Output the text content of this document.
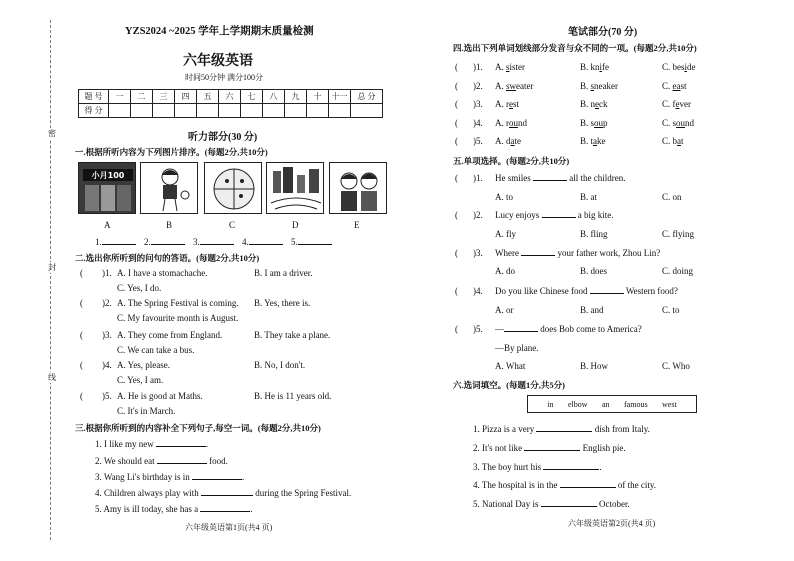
密
封
线
YZS2024 ~2025 学年上学期期末质量检测
六年级英语
时间50分钟 满分100分
题 号	一	二	三	四	五	六	七	八	九	十	十一	总 分
得 分												
听力部分(30 分)
一.根据所听内容为下列图片排序。(每题2分,共10分)
小月100
A	B	C	D	E
1.	2.	3.	4.	5.
二.选出你所听到的问句的答语。(每题2分,共10分)
( )1. A. I have a stomachache.	B. I am a driver.
C. Yes, I do.
( )2. A. The Spring Festival is coming. B. Yes, there is.
C. My favourite month is August.
( )3. A. They come from England.	B. They take a plane.
C. We can take a bus.
( )4. A. Yes, please.	B. No, I don't.
C. Yes, I am.
( )5. A. He is good at Maths.	B. He is 11 years old.
C. It's in March.
三.根据你所听到的内容补全下列句子,每空一词。(每题2分,共10分)
1. I like my new	.
2. We should eat	food.
3. Wang Li's birthday is in	.
4. Children always play with	during the Spring Festival.
5. Amy is ill today, she has a	.
六年级英语第1页(共4 页)
笔试部分(70 分)
四.选出下列单词划线部分发音与众不同的一项。(每题2分,共10分)
( )1. A. sister	B. knife	C. beside
( )2. A. sweater	B. sneaker	C. east
( )3. A. rest	B. neck	C. fever
( )4. A. round	B. soup	C. sound
( )5. A. date	B. take	C. bat
五.单项选择。(每题2分,共10分)
( )1. He smiles	all the children.
A. to	B. at	C. on
( )2. Lucy enjoys	a big kite.
A. fly	B. fling	C. flying
( )3. Where	your father work, Zhou Lin?
A. do	B. does	C. doing
( )4. Do you like Chinese food	Western food?
A. or	B. and	C. to
( )5. —	does Bob come to America?
—By plane.
A. What	B. How	C. Who
六.选词填空。(每题1分,共5分)
in elbow an famous west
1. Pizza is a very	dish from Italy.
2. It's not like	English pie.
3. The boy hurt his	.
4. The hospital is in the	of the city.
5. National Day is	October.
六年级英语第2页(共4 页)
